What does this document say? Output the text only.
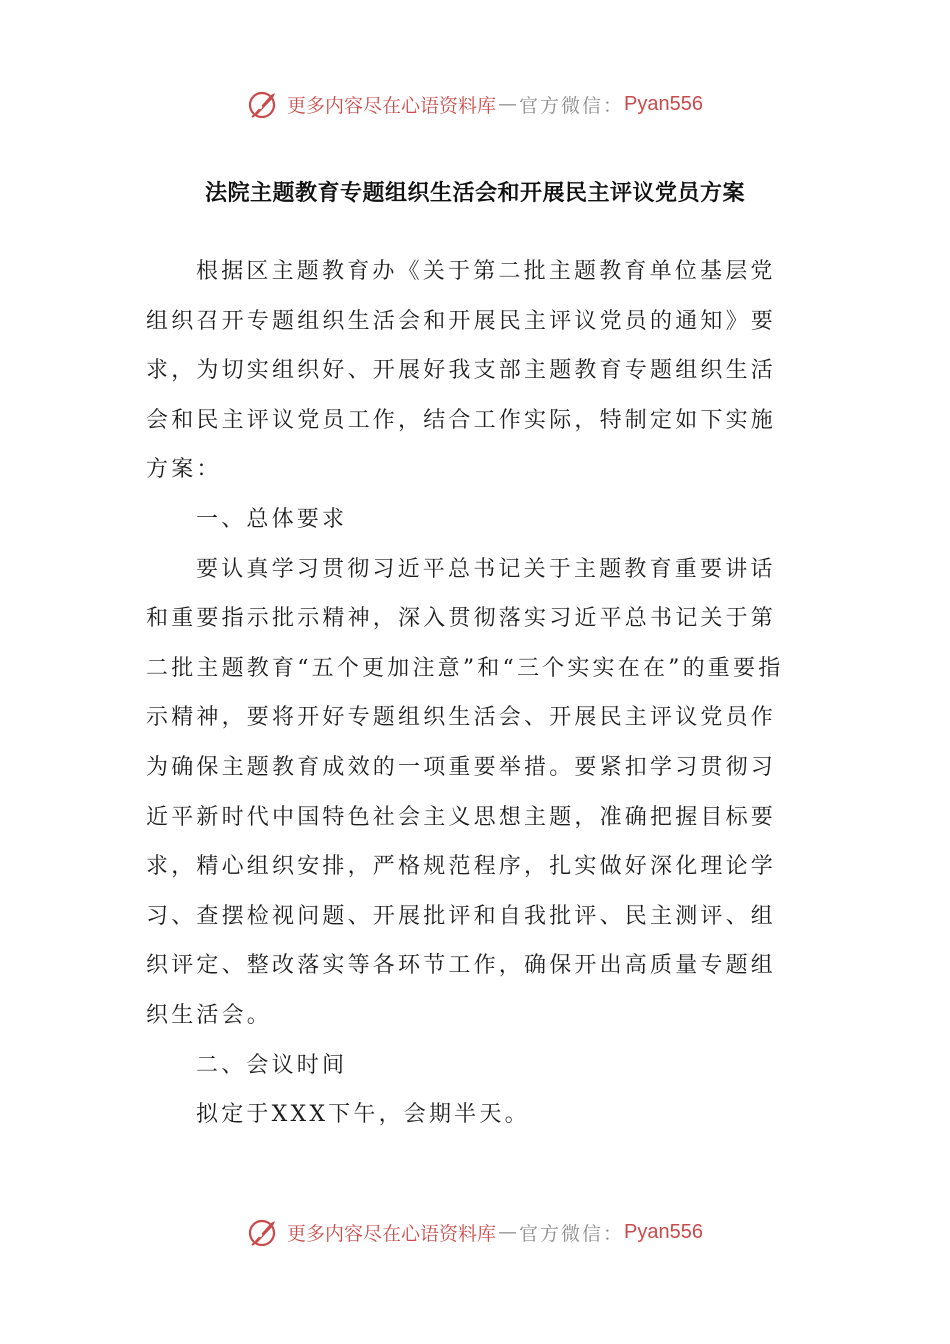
更多内容尽在心语资料库 — 官方微信： Pyan556
法院主题教育专题组织生活会和开展民主评议党员方案

根据区主题教育办《关于第二批主题教育单位基层党组织召开专题组织生活会和开展民主评议党员的通知》要求，为切实组织好、开展好我支部主题教育专题组织生活会和民主评议党员工作，结合工作实际，特制定如下实施方案：

一、总体要求

要认真学习贯彻习近平总书记关于主题教育重要讲话和重要指示批示精神，深入贯彻落实习近平总书记关于第二批主题教育“五个更加注意”和“三个实实在在”的重要指示精神，要将开好专题组织生活会、开展民主评议党员作为确保主题教育成效的一项重要举措。要紧扣学习贯彻习近平新时代中国特色社会主义思想主题，准确把握目标要求，精心组织安排，严格规范程序，扎实做好深化理论学习、查摆检视问题、开展批评和自我批评、民主测评、组织评定、整改落实等各环节工作，确保开出高质量专题组织生活会。

二、会议时间

拟定于XXX下午，会期半天。

更多内容尽在心语资料库 — 官方微信： Pyan556
